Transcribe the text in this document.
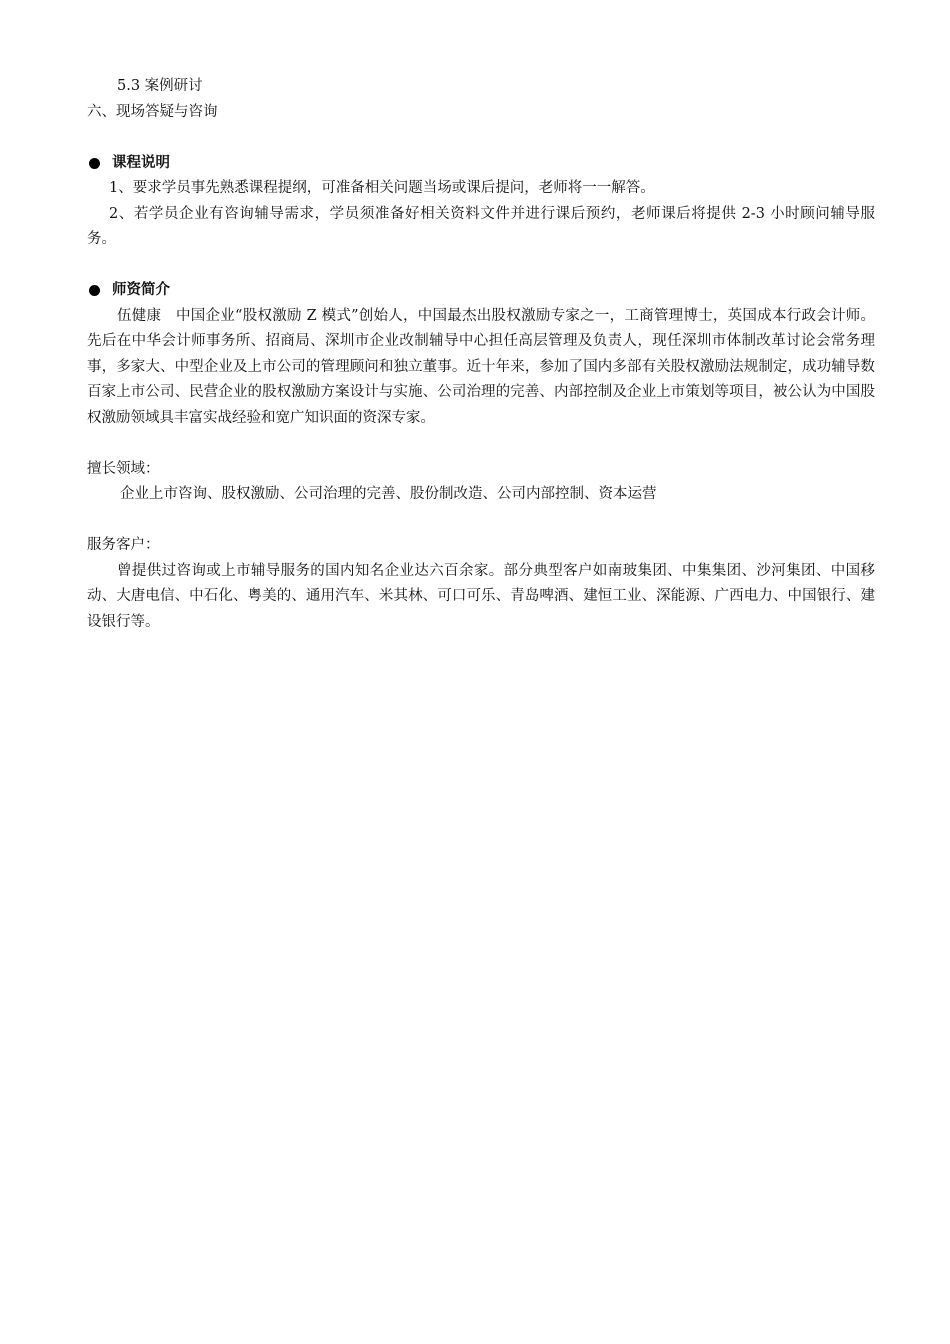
5.3 案例研讨

六、现场答疑与咨询

课程说明

1、要求学员事先熟悉课程提纲，可准备相关问题当场或课后提问，老师将一一解答。

2、若学员企业有咨询辅导需求，学员须准备好相关资料文件并进行课后预约，老师课后将提供 2-3 小时顾问辅导服务。

师资简介

伍健康　中国企业“股权激励 Z 模式”创始人，中国最杰出股权激励专家之一，工商管理博士，英国成本行政会计师。先后在中华会计师事务所、招商局、深圳市企业改制辅导中心担任高层管理及负责人，现任深圳市体制改革讨论会常务理事，多家大、中型企业及上市公司的管理顾问和独立董事。近十年来，参加了国内多部有关股权激励法规制定，成功辅导数百家上市公司、民营企业的股权激励方案设计与实施、公司治理的完善、内部控制及企业上市策划等项目，被公认为中国股权激励领域具丰富实战经验和宽广知识面的资深专家。

擅长领域：

企业上市咨询、股权激励、公司治理的完善、股份制改造、公司内部控制、资本运营

服务客户：

曾提供过咨询或上市辅导服务的国内知名企业达六百余家。部分典型客户如南玻集团、中集集团、沙河集团、中国移动、大唐电信、中石化、粤美的、通用汽车、米其林、可口可乐、青岛啤酒、建恒工业、深能源、广西电力、中国银行、建设银行等。
